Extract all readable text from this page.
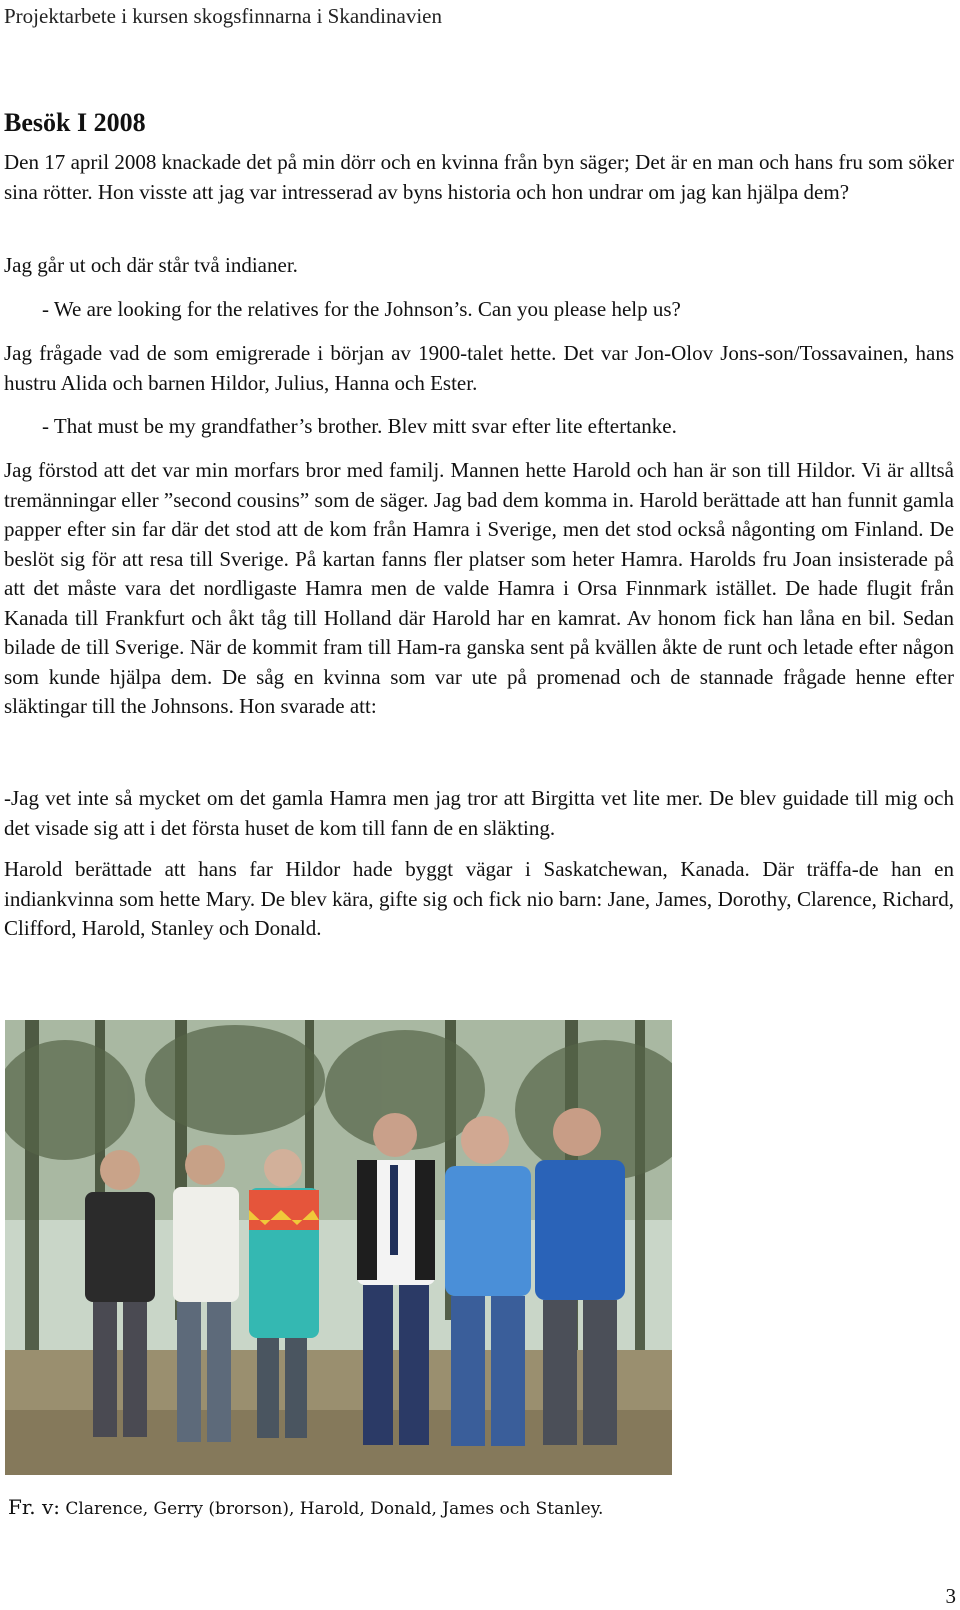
Projektarbete i kursen skogsfinnarna i Skandinavien
Besök I 2008

Den 17 april 2008 knackade det på min dörr och en kvinna från byn säger; Det är en man och hans fru som söker sina rötter. Hon visste att jag var intresserad av byns historia och hon undrar om jag kan hjälpa dem?

Jag går ut och där står två indianer.

- We are looking for the relatives for the Johnson’s. Can you please help us?

Jag frågade vad de som emigrerade i början av 1900-talet hette. Det var Jon-Olov Jons-son/Tossavainen, hans hustru Alida och barnen Hildor, Julius, Hanna och Ester.

- That must be my grandfather’s brother. Blev mitt svar efter lite eftertanke.

Jag förstod att det var min morfars bror med familj. Mannen hette Harold och han är son till Hildor. Vi är alltså tremänningar eller ”second cousins” som de säger. Jag bad dem komma in. Harold berättade att han funnit gamla papper efter sin far där det stod att de kom från Hamra i Sverige, men det stod också någonting om Finland. De beslöt sig för att resa till Sverige. På kartan fanns fler platser som heter Hamra. Harolds fru Joan insisterade på att det måste vara det nordligaste Hamra men de valde Hamra i Orsa Finnmark istället. De hade flugit från Kanada till Frankfurt och åkt tåg till Holland där Harold har en kamrat. Av honom fick han låna en bil. Sedan bilade de till Sverige. När de kommit fram till Ham-ra ganska sent på kvällen åkte de runt och letade efter någon som kunde hjälpa dem. De såg en kvinna som var ute på promenad och de stannade frågade henne efter släktingar till the Johnsons. Hon svarade att:

-Jag vet inte så mycket om det gamla Hamra men jag tror att Birgitta vet lite mer. De blev guidade till mig och det visade sig att i det första huset de kom till fann de en släkting.

Harold berättade att hans far Hildor hade byggt vägar i Saskatchewan, Kanada. Där träffa-de han en indiankvinna som hette Mary. De blev kära, gifte sig och fick nio barn: Jane, James, Dorothy, Clarence, Richard, Clifford, Harold, Stanley och Donald.

Fr. v: Clarence, Gerry (brorson), Harold, Donald, James och Stanley.
3
